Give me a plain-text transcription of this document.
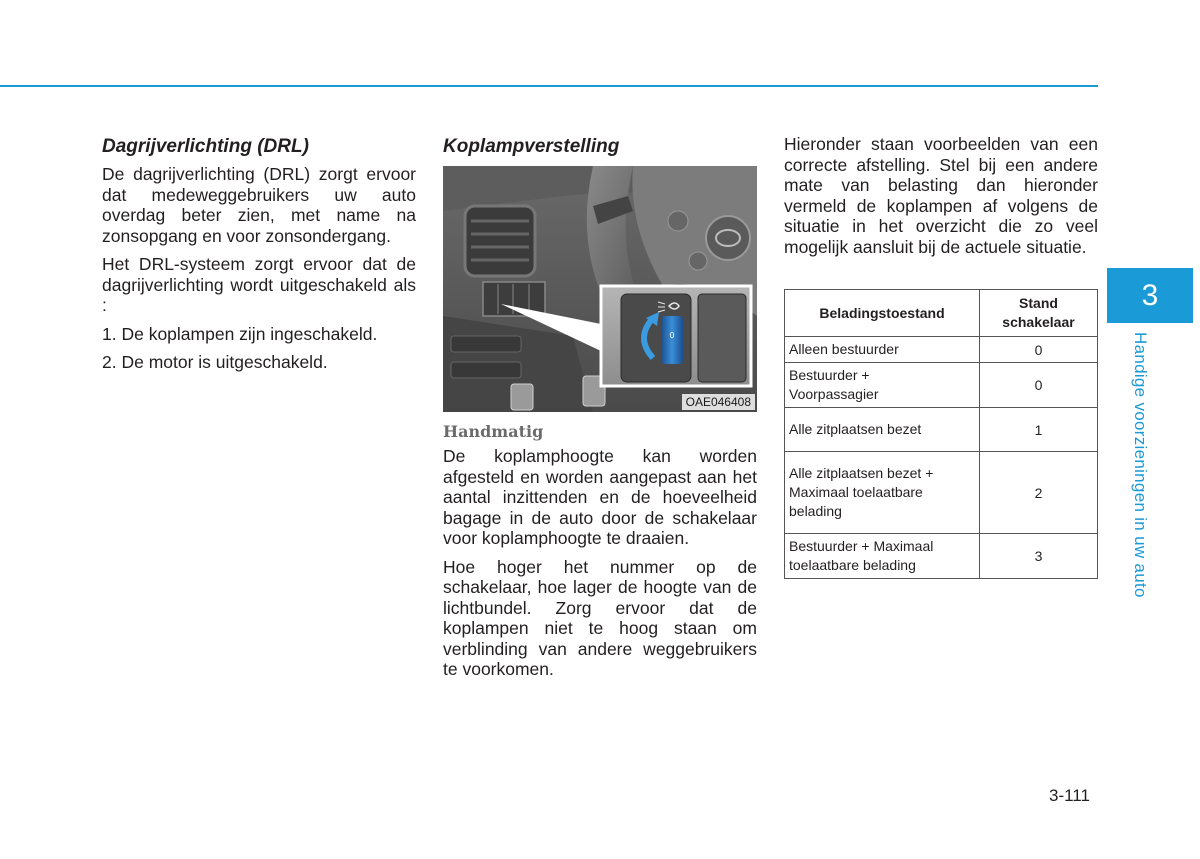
Dagrijverlichting (DRL)

De dagrijverlichting (DRL) zorgt ervoor dat medeweggebruikers uw auto overdag beter zien, met name na zonsopgang en voor zonsondergang.

Het DRL-systeem zorgt ervoor dat de dagrijverlichting wordt uitgeschakeld als :

1. De koplampen zijn ingeschakeld.

2. De motor is uitgeschakeld.

Koplampverstelling
0
OAE046408
Handmatig

De koplamphoogte kan worden afgesteld en worden aangepast aan het aantal inzittenden en de hoeveelheid bagage in de auto door de schakelaar voor koplamphoogte te draaien.

Hoe hoger het nummer op de schakelaar, hoe lager de hoogte van de lichtbundel. Zorg ervoor dat de koplampen niet te hoog staan om verblinding van andere weggebruikers te voorkomen.

Hieronder staan voorbeelden van een correcte afstelling. Stel bij een andere mate van belasting dan hieronder vermeld de koplampen af volgens de situatie in het overzicht die zo veel mogelijk aansluit bij de actuele situatie.

Beladingstoestand	Stand
schakelaar
Alleen bestuurder	0
Bestuurder +
Voorpassagier	0
Alle zitplaatsen bezet	1
Alle zitplaatsen bezet +
Maximaal toelaatbare
belading	2
Bestuurder + Maximaal
toelaatbare belading	3
3
Handige voorzieningen in uw auto
3-111
